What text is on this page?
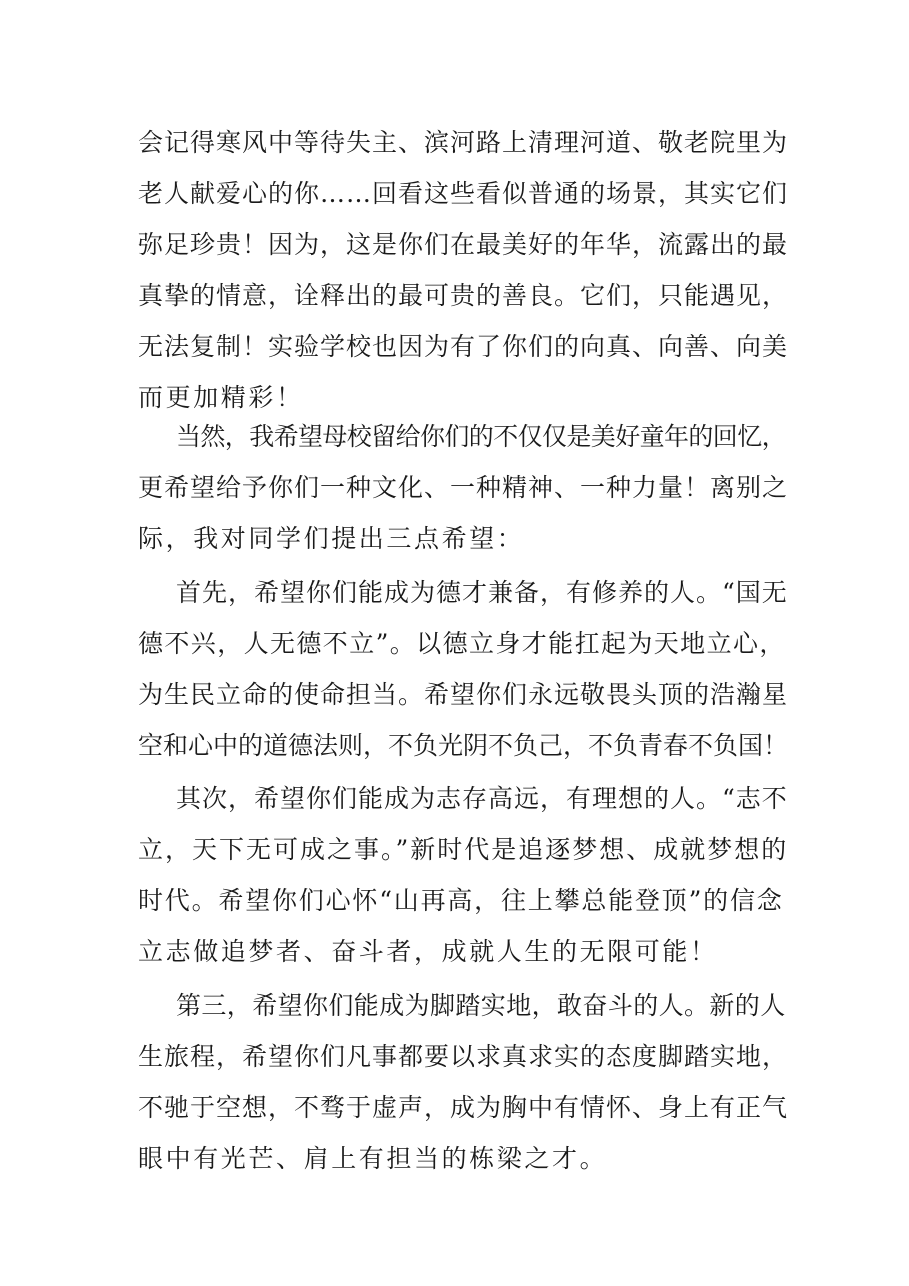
会记得寒风中等待失主、滨河路上清理河道、敬老院里为
老人献爱心的你……回看这些看似普通的场景，其实它们
弥足珍贵！因为，这是你们在最美好的年华，流露出的最
真挚的情意，诠释出的最可贵的善良。它们，只能遇见，
无法复制！实验学校也因为有了你们的向真、向善、向美
而更加精彩！
当然，我希望母校留给你们的不仅仅是美好童年的回忆，
更希望给予你们一种文化、一种精神、一种力量！离别之
际，我对同学们提出三点希望：
首先，希望你们能成为德才兼备，有修养的人。“国无
德不兴，人无德不立”。以德立身才能扛起为天地立心，
为生民立命的使命担当。希望你们永远敬畏头顶的浩瀚星
空和心中的道德法则，不负光阴不负己，不负青春不负国！
其次，希望你们能成为志存高远，有理想的人。“志不
立，天下无可成之事。”新时代是追逐梦想、成就梦想的
时代。希望你们心怀“山再高，往上攀总能登顶”的信念
立志做追梦者、奋斗者，成就人生的无限可能！
第三，希望你们能成为脚踏实地，敢奋斗的人。新的人
生旅程，希望你们凡事都要以求真求实的态度脚踏实地，
不驰于空想，不骛于虚声，成为胸中有情怀、身上有正气
眼中有光芒、肩上有担当的栋梁之才。
